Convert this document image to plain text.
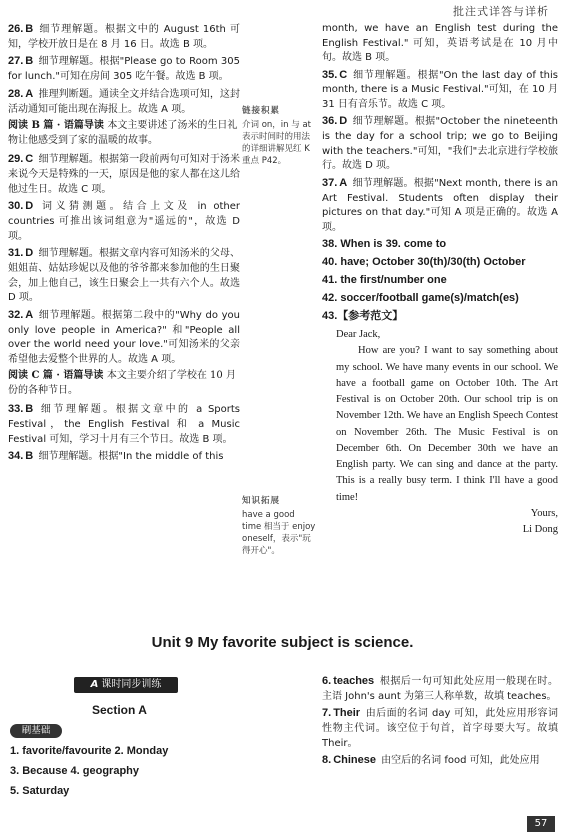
批注式详答与详析
26. B 细节理解题。根据文中的 August 16th 可知，学校开放日是在 8 月 16 日。故选 B 项。
27. B 细节理解题。根据"Please go to Room 305 for lunch."可知在房间 305 吃午餐。故选 B 项。
28. A 推理判断题。通读全文并结合选项可知，这封活动通知可能出现在海报上。故选 A 项。
阅读 B 篇 · 语篇导读 本文主要讲述了汤米的生日礼物让他感受到了家的温暖的故事。
29. C 细节理解题。根据第一段前两句可知对于汤米来说今天是特殊的一天，原因是他的家人都在这儿给他过生日。故选 C 项。
30. D 词义猜测题。结合上文及 in other countries 可推出该词组意为"遥远的"，故选 D 项。
31. D 细节理解题。根据文章内容可知汤米的父母、姐姐苗、姑姑珍妮以及他的爷爷都来参加他的生日聚会，加上他自己，该生日聚会上一共有六个人。故选 D 项。
32. A 细节理解题。根据第二段中的"Why do you only love people in America?" 和"People all over the world need your love."可知汤米的父亲希望他去爱整个世界的人。故选 A 项。
阅读 C 篇 · 语篇导读 本文主要介绍了学校在 10 月份的各种节日。
33. B 细节理解题。根据文章中的 a Sports Festival，the English Festival 和 a Music Festival 可知，学习十月有三个节日。故选 B 项。
34. B 细节理解题。根据"In the middle of this
链接积累
介词 on，in 与 at 表示时间时的用法的详细讲解见红 K 重点 P42。
知识拓展
have a good time 相当于 enjoy oneself，表示"玩得开心"。
month, we have an English test during the English Festival." 可知，英语考试是在 10 月中旬。故选 B 项。
35. C 细节理解题。根据"On the last day of this month, there is a Music Festival."可知，在 10 月 31 日有音乐节。故选 C 项。
36. D 细节理解题。根据"October the nineteenth is the day for a school trip; we go to Beijing with the teachers."可知，"我们"去北京进行学校旅行。故选 D 项。
37. A 细节理解题。根据"Next month, there is an Art Festival. Students often display their pictures on that day."可知 A 项是正确的。故选 A 项。
38. When is 39. come to
40. have; October 30(th)/30(th) October
41. the first/number one
42. soccer/football game(s)/match(es)
43.【参考范文】

Dear Jack,

How are you? I want to say something about my school. We have many events in our school. We have a football game on October 10th. The Art Festival is on October 20th. Our school trip is on November 12th. We have an English Speech Contest on November 26th. The Music Festival is on December 6th. On December 30th we have an English party. We can sing and dance at the party. This is a really busy term. I think I'll have a good time!

Yours,

Li Dong

Unit 9 My favorite subject is science.
A 课时同步训练
Section A
刷基础
1. favorite/favourite 2. Monday
3. Because 4. geography
5. Saturday
6. teaches 根据后一句可知此处应用一般现在时。主语 John's aunt 为第三人称单数，故填 teaches。
7. Their 由后面的名词 day 可知，此处应用形容词性物主代词。该空位于句首，首字母要大写。故填 Their。
8. Chinese 由空后的名词 food 可知，此处应用
57
